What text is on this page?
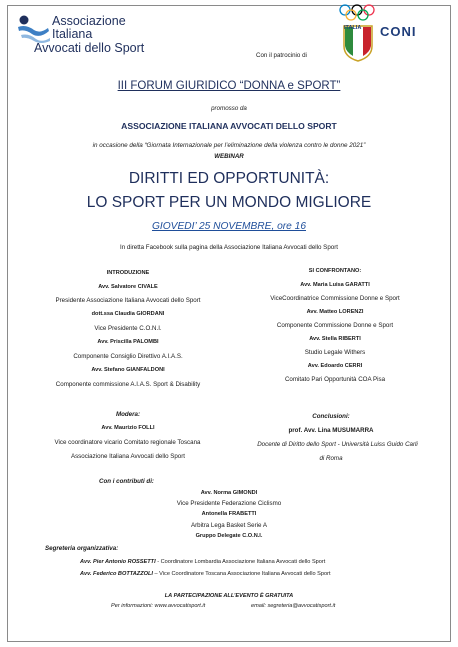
Associazione
Italiana
Avvocati dello Sport
Con il patrocinio di
ITALIA CONI
III FORUM GIURIDICO “DONNA e SPORT”
promosso da
ASSOCIAZIONE ITALIANA AVVOCATI DELLO SPORT
in occasione della “Giornata Internazionale per l’eliminazione della violenza contro le donne 2021”
WEBINAR
DIRITTI ED OPPORTUNITÀ:
LO SPORT PER UN MONDO MIGLIORE
GIOVEDI’ 25 NOVEMBRE, ore 16
In diretta Facebook sulla pagina della Associazione Italiana Avvocati dello Sport
INTRODUZIONE
Avv. Salvatore CIVALE
Presidente Associazione Italiana Avvocati dello Sport
dott.ssa Claudia GIORDANI
Vice Presidente C.O.N.I.
Avv. Priscilla PALOMBI
Componente Consiglio Direttivo A.I.A.S.
Avv. Stefano GIANFALDONI
Componente commissione A.I.A.S. Sport & Disability
SI CONFRONTANO:
Avv. Maria Luisa GARATTI
ViceCoordinatrice Commissione Donne e Sport
Avv. Matteo LORENZI
Componente Commissione Donne e Sport
Avv. Stella RIBERTI
Studio Legale Withers
Avv. Edoardo CERRI
Comitato Pari Opportunità COA Pisa
Modera:
Avv. Maurizio FOLLI
Vice coordinatore vicario Comitato regionale Toscana
Associazione Italiana Avvocati dello Sport
Conclusioni:
prof. Avv. Lina MUSUMARRA
Docente di Diritto dello Sport - Università Luiss Guido Carli
di Roma
Con i contributi di:
Avv. Norma GIMONDI
Vice Presidente Federazione Ciclismo
Antonella FRABETTI
Arbitra Lega Basket Serie A
Gruppo Delegate C.O.N.I.
Segreteria organizzativa:
Avv. Pier Antonio ROSSETTI - Coordinatore Lombardia Associazione Italiana Avvocati dello Sport
Avv. Federico BOTTAZZOLI – Vice Coordinatore Toscana Associazione Italiana Avvocati dello Sport
LA PARTECIPAZIONE ALL’EVENTO È GRATUITA
Per informazioni: www.avvocatisport.it	email: segreteria@avvocatisport.it
